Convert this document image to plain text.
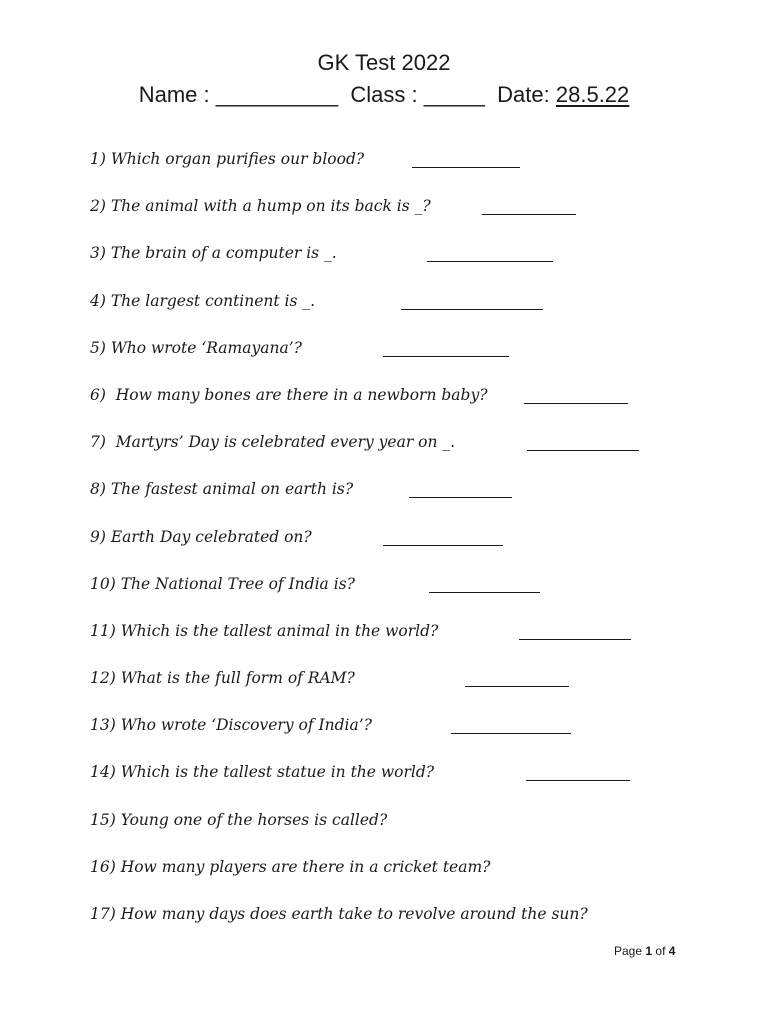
GK Test 2022
Name : __________ Class : _____ Date: 28.5.22
1) Which organ purifies our blood?
2) The animal with a hump on its back is _?
3) The brain of a computer is _.
4) The largest continent is _.
5) Who wrote ‘Ramayana’?
6)  How many bones are there in a newborn baby?
7)  Martyrs’ Day is celebrated every year on _.
8) The fastest animal on earth is?
9) Earth Day celebrated on?
10) The National Tree of India is?
11) Which is the tallest animal in the world?
12) What is the full form of RAM?
13) Who wrote ‘Discovery of India’?
14) Which is the tallest statue in the world?
15) Young one of the horses is called?
16) How many players are there in a cricket team?
17) How many days does earth take to revolve around the sun?
Page 1 of 4
